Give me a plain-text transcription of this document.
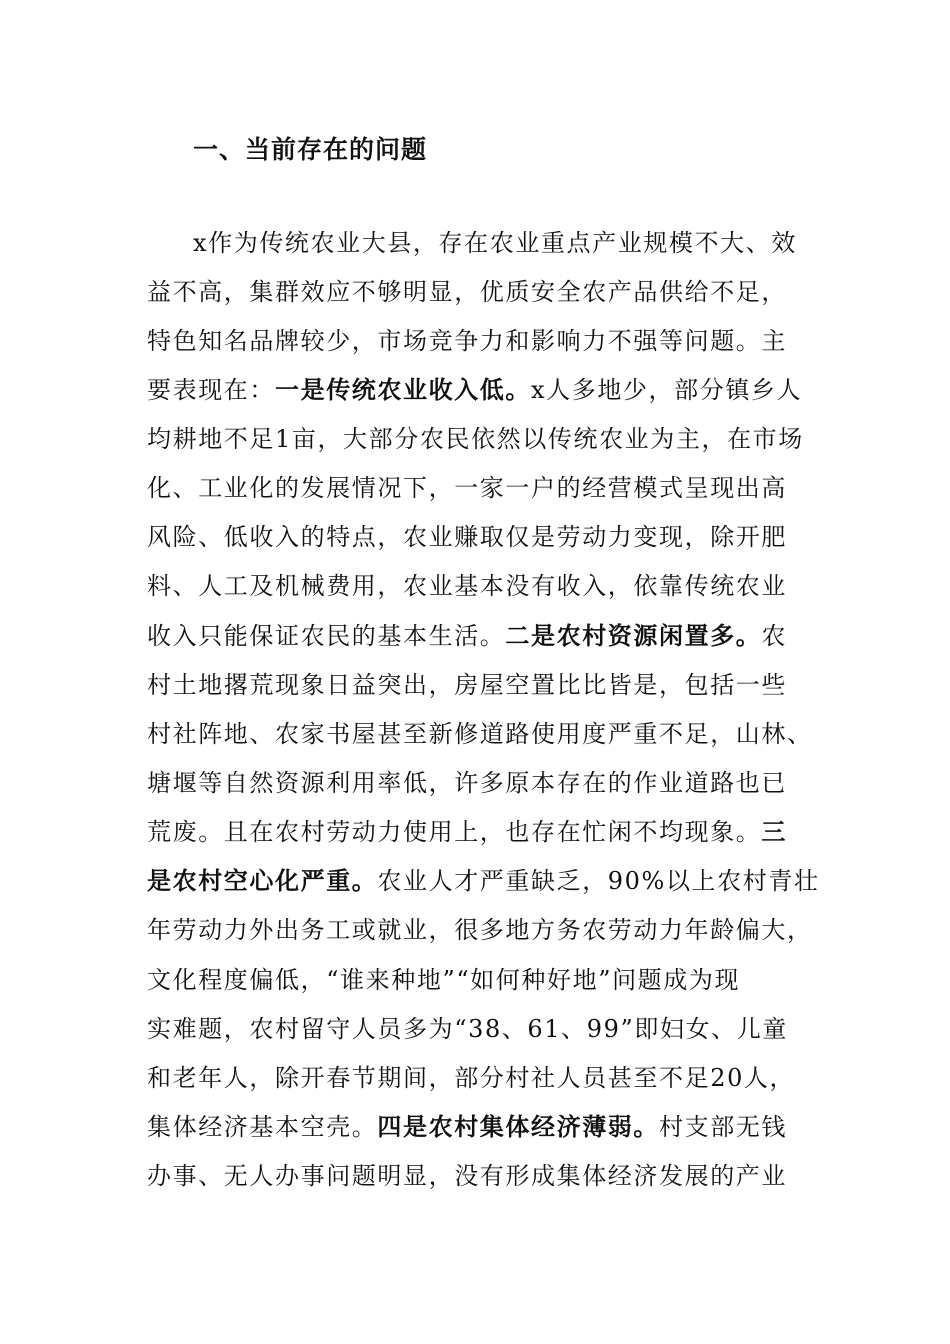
一、当前存在的问题

x作为传统农业大县，存在农业重点产业规模不大、效

益不高，集群效应不够明显，优质安全农产品供给不足，

特色知名品牌较少，市场竞争力和影响力不强等问题。主

要表现在：一是传统农业收入低。x人多地少，部分镇乡人

均耕地不足1亩，大部分农民依然以传统农业为主，在市场

化、工业化的发展情况下，一家一户的经营模式呈现出高

风险、低收入的特点，农业赚取仅是劳动力变现，除开肥

料、人工及机械费用，农业基本没有收入，依靠传统农业

收入只能保证农民的基本生活。二是农村资源闲置多。农

村土地撂荒现象日益突出，房屋空置比比皆是，包括一些

村社阵地、农家书屋甚至新修道路使用度严重不足，山林、

塘堰等自然资源利用率低，许多原本存在的作业道路也已

荒废。且在农村劳动力使用上，也存在忙闲不均现象。三

是农村空心化严重。农业人才严重缺乏，90%以上农村青壮

年劳动力外出务工或就业，很多地方务农劳动力年龄偏大，

文化程度偏低，“谁来种地”“如何种好地”问题成为现

实难题，农村留守人员多为“38、61、99”即妇女、儿童

和老年人，除开春节期间，部分村社人员甚至不足20人，

集体经济基本空壳。四是农村集体经济薄弱。村支部无钱

办事、无人办事问题明显，没有形成集体经济发展的产业
